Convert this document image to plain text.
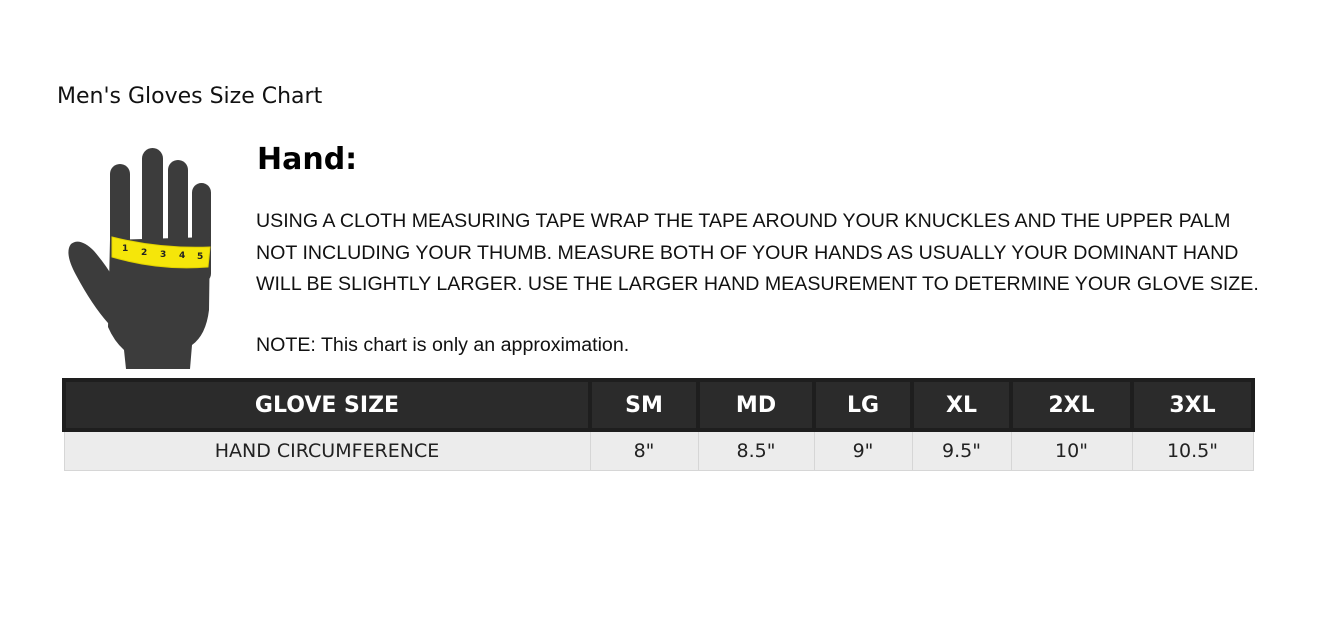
Men's Gloves Size Chart
1 2 3 4 5
Hand:
USING A CLOTH MEASURING TAPE WRAP THE TAPE AROUND YOUR KNUCKLES AND THE UPPER PALM
NOT INCLUDING YOUR THUMB. MEASURE BOTH OF YOUR HANDS AS USUALLY YOUR DOMINANT HAND
WILL BE SLIGHTLY LARGER. USE THE LARGER HAND MEASUREMENT TO DETERMINE YOUR GLOVE SIZE.
NOTE: This chart is only an approximation.
GLOVE SIZE	SM	MD	LG	XL	2XL	3XL
HAND CIRCUMFERENCE	8"	8.5"	9"	9.5"	10"	10.5"
